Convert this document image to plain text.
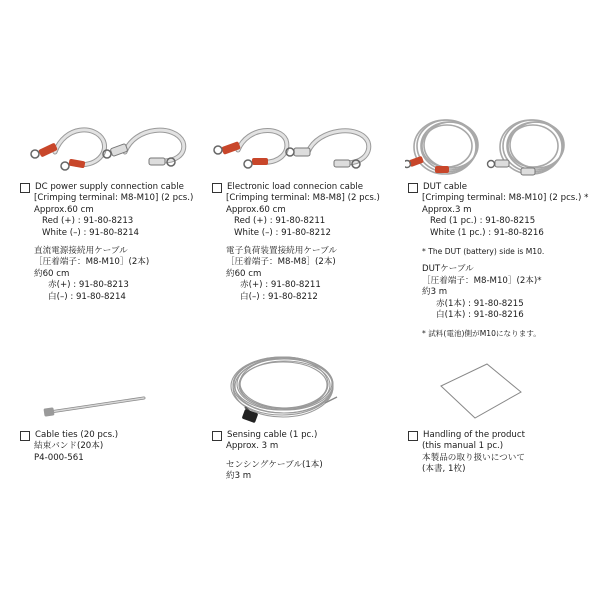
DC power supply connection cable
[Crimping terminal: M8-M10] (2 pcs.)
Approx.60 cm
Red (+) : 91-80-8213
White (–) : 91-80-8214
直流電源接続用ケーブル
［圧着端子：M8-M10］(2本)
約60 cm
赤(+) : 91-80-8213
白(–) : 91-80-8214
Electronic load connecion cable
[Crimping terminal: M8-M8] (2 pcs.)
Approx.60 cm
Red (+) : 91-80-8211
White (–) : 91-80-8212
電子負荷装置接続用ケーブル
［圧着端子：M8-M8］(2本)
約60 cm
赤(+) : 91-80-8211
白(–) : 91-80-8212
DUT cable
[Crimping terminal: M8-M10] (2 pcs.) *
Approx.3 m
Red (1 pc.) : 91-80-8215
White (1 pc.) : 91-80-8216
* The DUT (battery) side is M10.
DUTケーブル
［圧着端子：M8-M10］(2本)*
約3 m
赤(1本) : 91-80-8215
白(1本) : 91-80-8216
* 試料(電池)側がM10になります。
Cable ties (20 pcs.)
結束バンド(20本)
P4-000-561
Sensing cable (1 pc.)
Approx. 3 m
センシングケーブル(1本)
約3 m
Handling of the product
(this manual 1 pc.)
本製品の取り扱いについて
(本書, 1枚)
